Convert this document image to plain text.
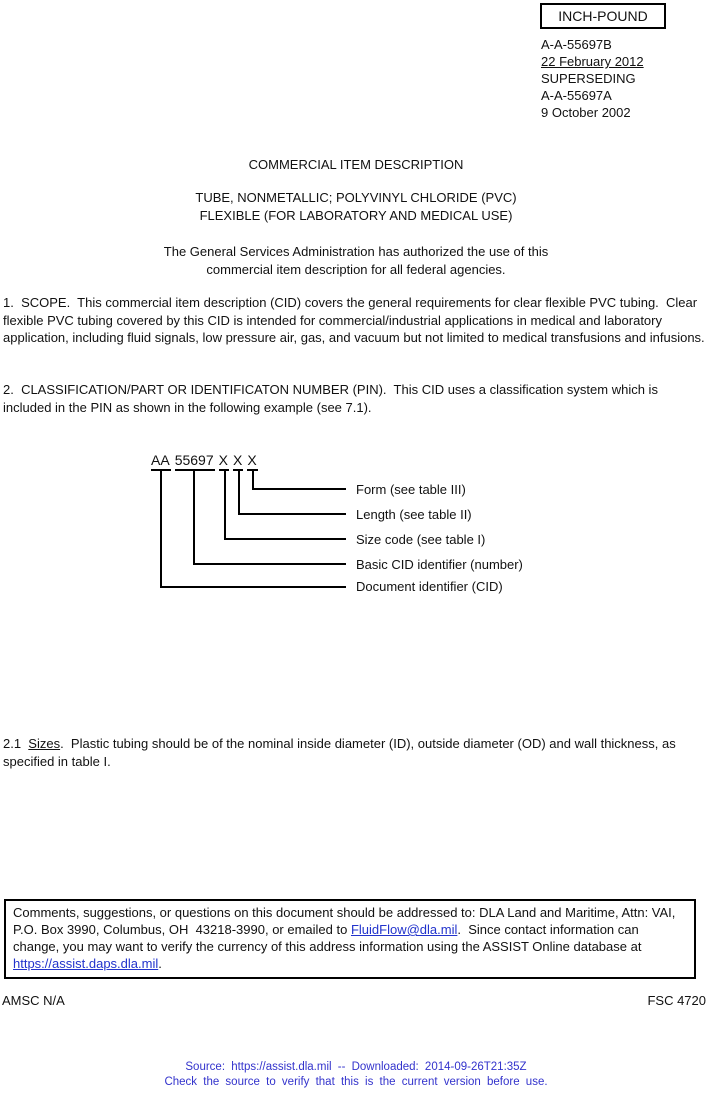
INCH-POUND
A-A-55697B
22 February 2012
SUPERSEDING
A-A-55697A
9 October 2002
COMMERCIAL ITEM DESCRIPTION
TUBE, NONMETALLIC; POLYVINYL CHLORIDE (PVC)
FLEXIBLE (FOR LABORATORY AND MEDICAL USE)
The General Services Administration has authorized the use of this
commercial item description for all federal agencies.

1.  SCOPE.  This commercial item description (CID) covers the general requirements for clear flexible PVC tubing.  Clear flexible PVC tubing covered by this CID is intended for commercial/industrial applications in medical and laboratory application, including fluid signals, low pressure air, gas, and vacuum but not limited to medical transfusions and infusions.

2.  CLASSIFICATION/PART OR IDENTIFICATON NUMBER (PIN).  This CID uses a classification system which is included in the PIN as shown in the following example (see 7.1).

AA 55697 X X X
Form (see table III)
Length (see table II)
Size code (see table I)
Basic CID identifier (number)
Document identifier (CID)

2.1  Sizes.  Plastic tubing should be of the nominal inside diameter (ID), outside diameter (OD) and wall thickness, as specified in table I.

Comments, suggestions, or questions on this document should be addressed to: DLA Land and Maritime, Attn: VAI, P.O. Box 3990, Columbus, OH  43218-3990, or emailed to FluidFlow@dla.mil.  Since contact information can change, you may want to verify the currency of this address information using the ASSIST Online database at https://assist.daps.dla.mil.
AMSC N/A	FSC 4720
Source: https://assist.dla.mil -- Downloaded: 2014-09-26T21:35Z
Check the source to verify that this is the current version before use.
